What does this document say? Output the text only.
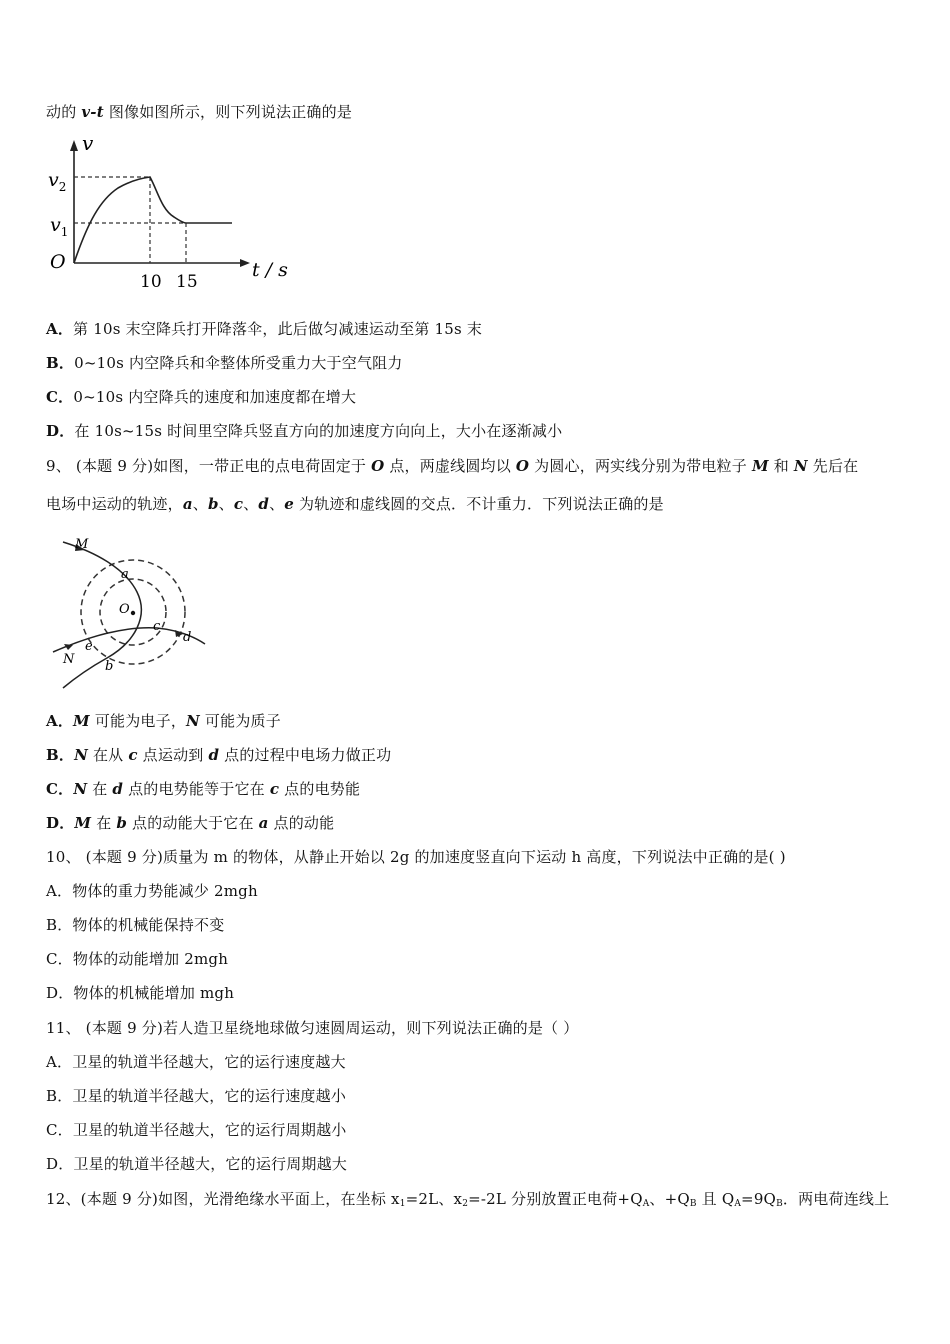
动的 v-t 图像如图所示，则下列说法正确的是
v
$v_2$
$v_1$
O
10 15
t / s
A．第 10s 末空降兵打开降落伞，此后做匀减速运动至第 15s 末
B．0~10s 内空降兵和伞整体所受重力大于空气阻力
C．0~10s 内空降兵的速度和加速度都在增大
D．在 10s~15s 时间里空降兵竖直方向的加速度方向向上，大小在逐渐减小
9、 (本题 9 分)如图，一带正电的点电荷固定于 O 点，两虚线圆均以 O 为圆心，两实线分别为带电粒子 M 和 N 先后在
电场中运动的轨迹，a、b、c、d、e 为轨迹和虚线圆的交点．不计重力．下列说法正确的是
M
N
O
a
b
c
d
e
A．M 可能为电子，N 可能为质子
B．N 在从 c 点运动到 d 点的过程中电场力做正功
C．N 在 d 点的电势能等于它在 c 点的电势能
D．M 在 b 点的动能大于它在 a 点的动能
10、 (本题 9 分)质量为 m 的物体，从静止开始以 2g 的加速度竖直向下运动 h 高度，下列说法中正确的是( )
A．物体的重力势能减少 2mgh
B．物体的机械能保持不变
C．物体的动能增加 2mgh
D．物体的机械能增加 mgh
11、 (本题 9 分)若人造卫星绕地球做匀速圆周运动，则下列说法正确的是（ ）
A．卫星的轨道半径越大，它的运行速度越大
B．卫星的轨道半径越大，它的运行速度越小
C．卫星的轨道半径越大，它的运行周期越小
D．卫星的轨道半径越大，它的运行周期越大
12、(本题 9 分)如图，光滑绝缘水平面上，在坐标 $x_1=2L$、$x_2=-2L$ 分别放置正电荷$+Q_A$、$+Q_B$ 且 $Q_A=9Q_B$．两电荷连线上
